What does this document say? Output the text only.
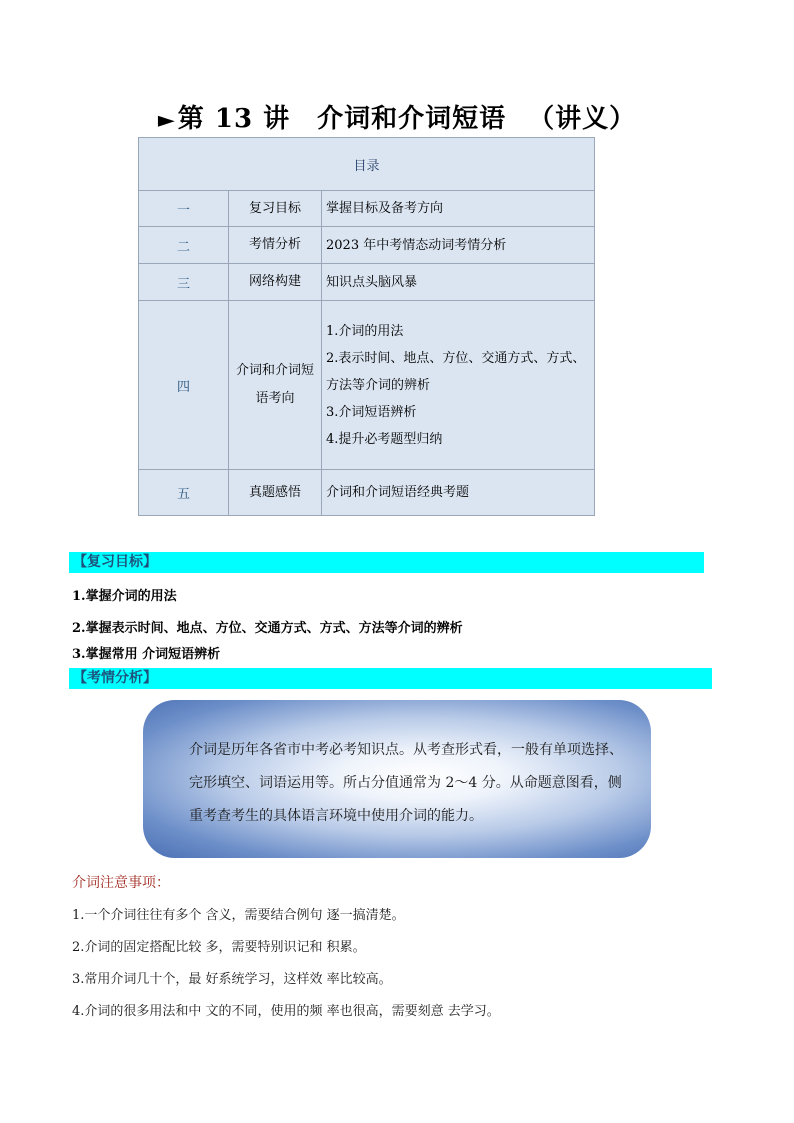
►第 13 讲　介词和介词短语 （讲义）
目录		
一	复习目标	掌握目标及备考方向

二	考情分析	2023 年中考情态动词考情分析

三	网络构建	知识点头脑风暴

四	介词和介词短语考向	1.介词的用法
2.表示时间、地点、方位、交通方式、方式、
方法等介词的辨析
3.介词短语辨析
4.提升必考题型归纳

五	真题感悟	介词和介词短语经典考题
【复习目标】
1.掌握介词的用法
2.掌握表示时间、地点、方位、交通方式、方式、方法等介词的辨析
3.掌握常用 介词短语辨析
【考情分析】
介词是历年各省市中考必考知识点。从考查形式看，一般有单项选择、
完形填空、词语运用等。所占分值通常为 2～4 分。从命题意图看，侧
重考查考生的具体语言环境中使用介词的能力。
介词注意事项：
1.一个介词往往有多个 含义，需要结合例句 逐一搞清楚。
2.介词的固定搭配比较 多，需要特别识记和 积累。
3.常用介词几十个，最 好系统学习，这样效 率比较高。
4.介词的很多用法和中 文的不同，使用的频 率也很高，需要刻意 去学习。
